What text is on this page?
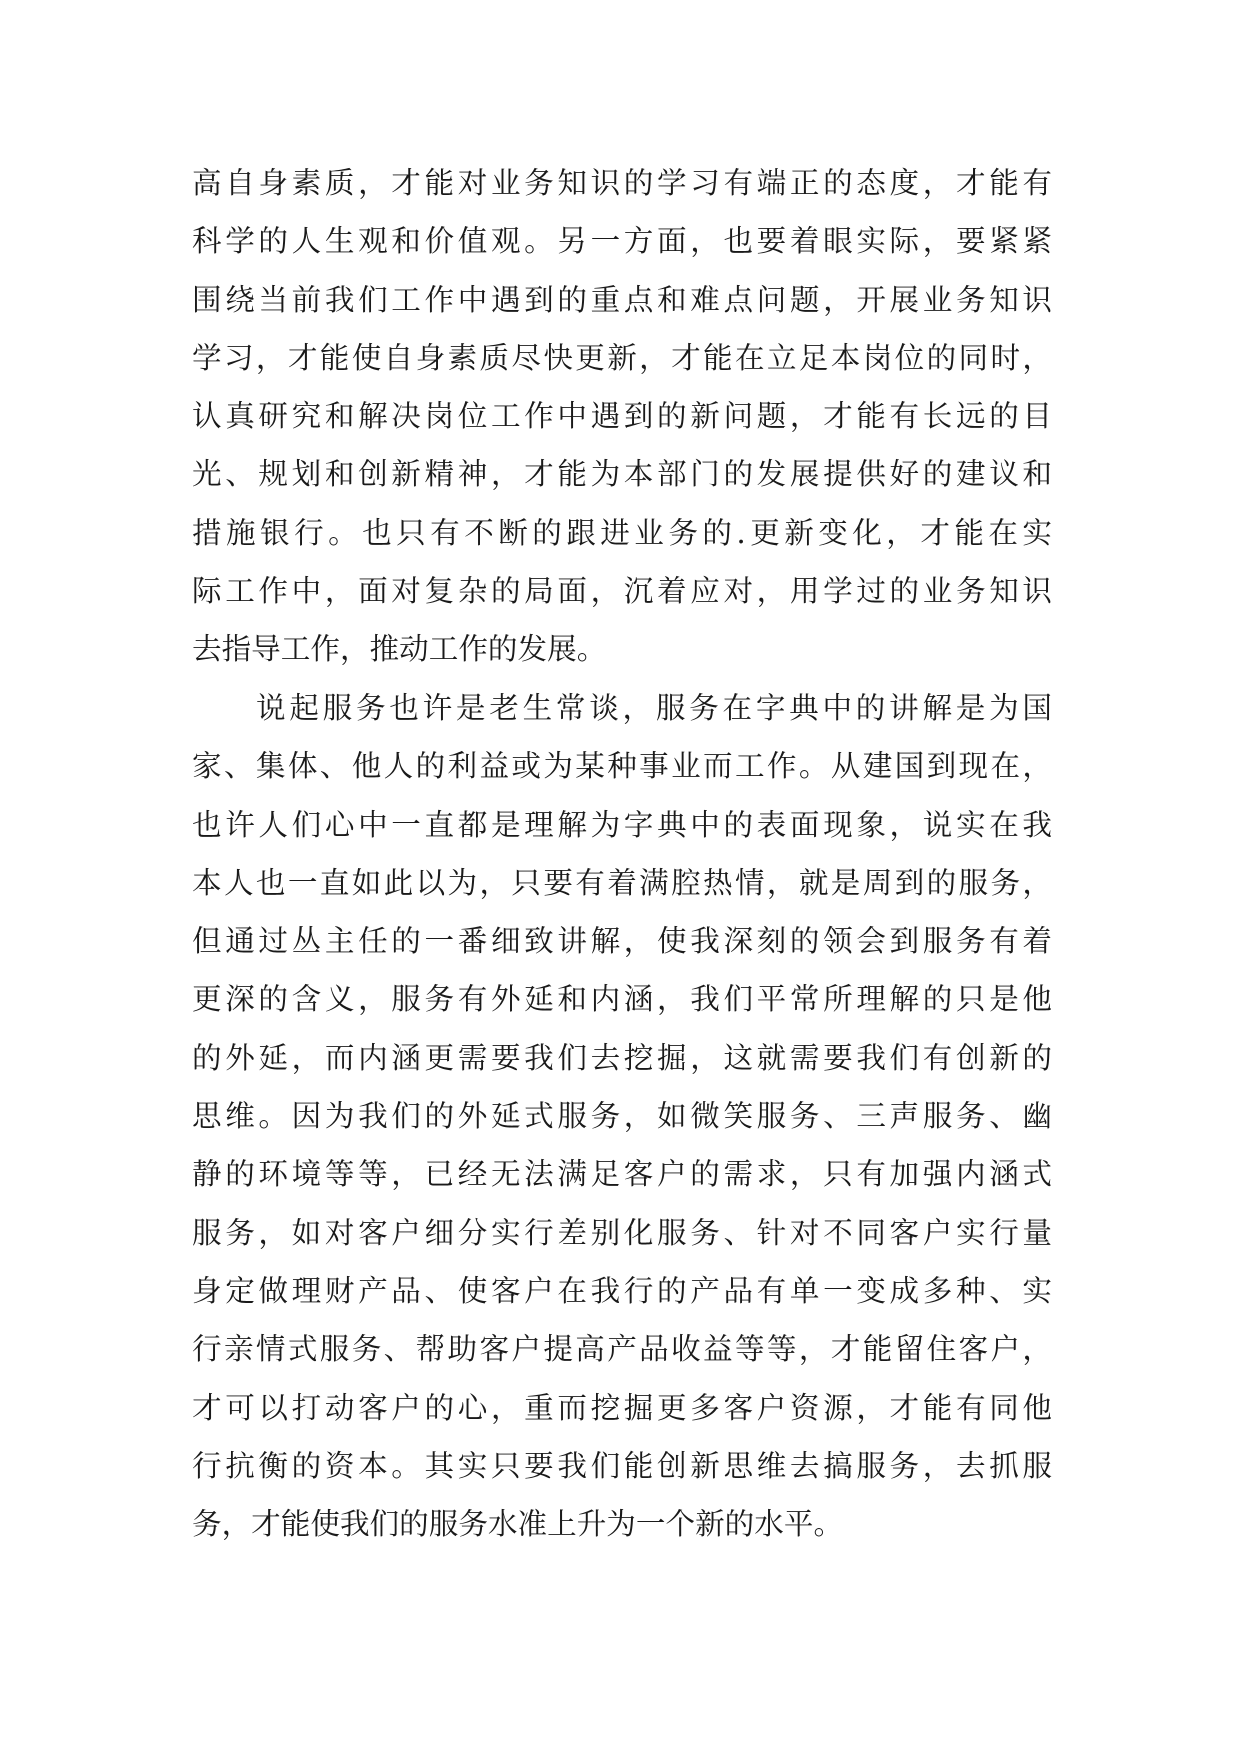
高自身素质，才能对业务知识的学习有端正的态度，才能有
科学的人生观和价值观。另一方面，也要着眼实际，要紧紧
围绕当前我们工作中遇到的重点和难点问题，开展业务知识
学习，才能使自身素质尽快更新，才能在立足本岗位的同时，
认真研究和解决岗位工作中遇到的新问题，才能有长远的目
光、规划和创新精神，才能为本部门的发展提供好的建议和
措施银行。也只有不断的跟进业务的.更新变化，才能在实
际工作中，面对复杂的局面，沉着应对，用学过的业务知识
去指导工作，推动工作的发展。
说起服务也许是老生常谈，服务在字典中的讲解是为国
家、集体、他人的利益或为某种事业而工作。从建国到现在，
也许人们心中一直都是理解为字典中的表面现象，说实在我
本人也一直如此以为，只要有着满腔热情，就是周到的服务，
但通过丛主任的一番细致讲解，使我深刻的领会到服务有着
更深的含义，服务有外延和内涵，我们平常所理解的只是他
的外延，而内涵更需要我们去挖掘，这就需要我们有创新的
思维。因为我们的外延式服务，如微笑服务、三声服务、幽
静的环境等等，已经无法满足客户的需求，只有加强内涵式
服务，如对客户细分实行差别化服务、针对不同客户实行量
身定做理财产品、使客户在我行的产品有单一变成多种、实
行亲情式服务、帮助客户提高产品收益等等，才能留住客户，
才可以打动客户的心，重而挖掘更多客户资源，才能有同他
行抗衡的资本。其实只要我们能创新思维去搞服务，去抓服
务，才能使我们的服务水准上升为一个新的水平。
